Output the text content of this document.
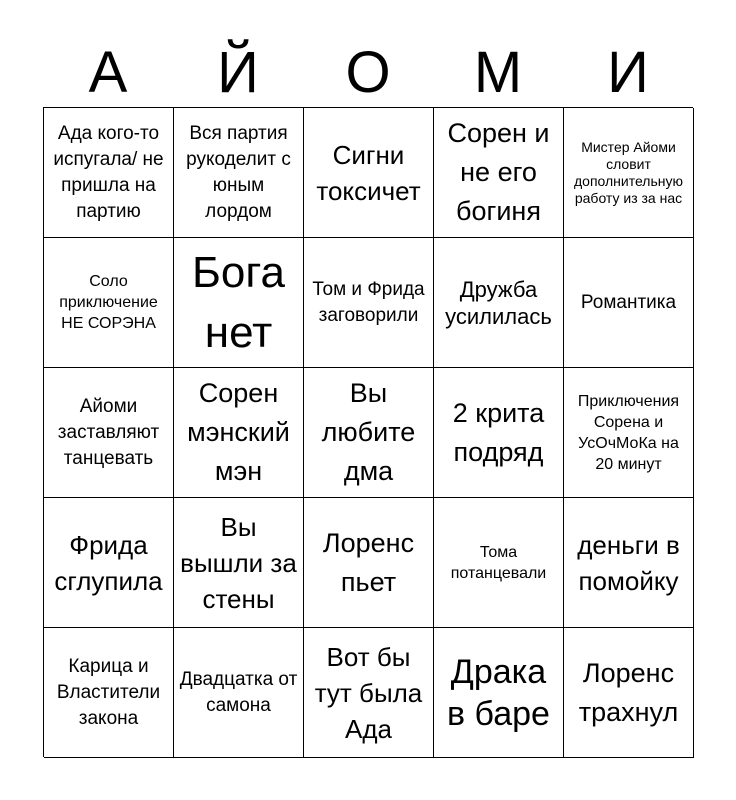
А	Й	О	М	И
Ада кого-то испугала/ не пришла на партию
Вся партия рукоделит с юным лордом
Сигни токсичет
Сорен и не его богиня
Мистер Айоми словит дополнительную работу из за нас
Соло приключение НЕ СОРЭНА
Бога нет
Том и Фрида заговорили
Дружба усилилась
Романтика
Айоми заставляют танцевать
Сорен мэнский мэн
Вы любите дма
2 крита подряд
Приключения Сорена и УсОчМоКа на 20 минут
Фрида сглупила
Вы вышли за стены
Лоренс пьет
Тома потанцевали
деньги в помойку
Карица и Властители закона
Двадцатка от самона
Вот бы тут была Ада
Драка в баре
Лоренс трахнул
